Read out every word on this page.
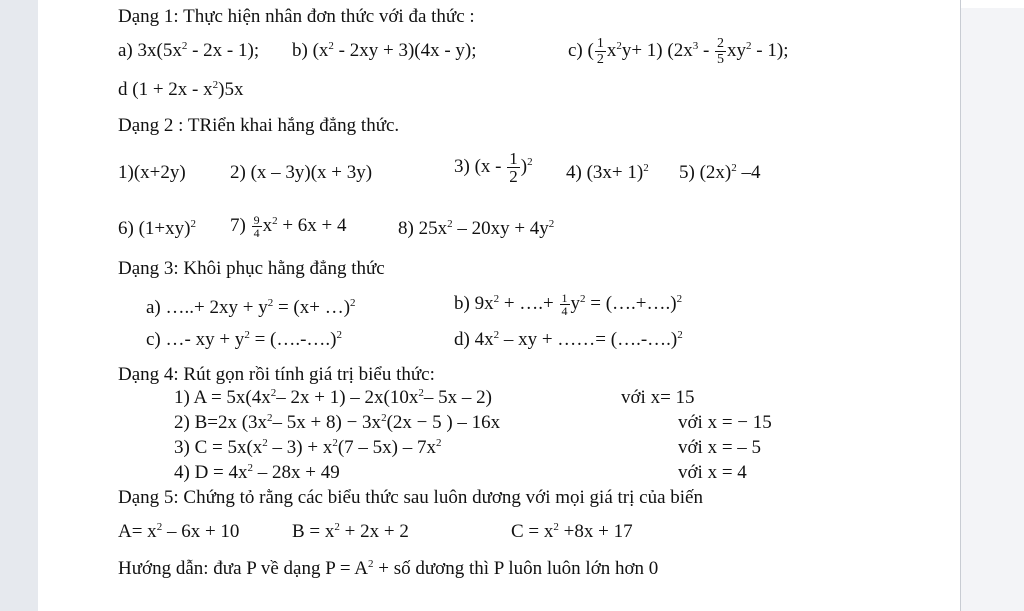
Dạng 1: Thực hiện nhân đơn thức với đa thức :
a) $3x(5x^2 - 2x - 1)$; b) $(x^2 - 2xy + 3)(4x - y)$;	c) ( $\frac{1}{2} x^2y+ 1$) $(2x^3 - \frac{2}{5} xy^2 - 1)$;
d $(1 + 2x - x^2)5x$
Dạng 2 : TRiển khai hắng đẳng thức.
1)(x+2y) 2) (x – 3y)(x + 3y)	3) $(x - \frac{1}{2} )^2$ 4) $(3x+ 1)^2$ 5) $(2x)^2$ –4
6) $(1+xy)^2$ $7) \frac{9}{4} x^2 + 6x + 4$	8) $25x^2 - 20xy + 4y^2$
Dạng 3: Khôi phục hằng đẳng thức
a) …..+ $2xy + y^2 = (x+$ …)$^2$	b) $9x^2$ + ….+ $\frac{1}{4} y^2$ = (….+….)$^2$
c) …- xy + $y^2$ = (….-….)$^2$	d) $4x^2$ – xy + ……= (….-….)$^2$
Dạng 4: Rút gọn rồi tính giá trị biểu thức:
1) $A = 5x(4x^2-$ $2x + 1) - 2x(10x^2-$ 5x – 2)	với x= 15
2) B=2x ($3x^2-$ $5x + 8) - 3x^2(2x - 5$ ) – 16x	với x = − 15
3) $C = 5x(x^2 - 3) + x^2(7 - 5x) - 7x^2$	với x = – 5
4) $D = 4x^2 - 28x + 49$	với x = 4
Dạng 5: Chứng tỏ rằng các biểu thức sau luôn dương với mọi giá trị của biến
$A= x^2 - 6x + 10$	$B = x^2 + 2x + 2$	$C = x^2 +8x + 17$
Hướng dẫn: đưa P về dạng $P = A^2$ + số dương thì P luôn luôn lớn hơn 0
